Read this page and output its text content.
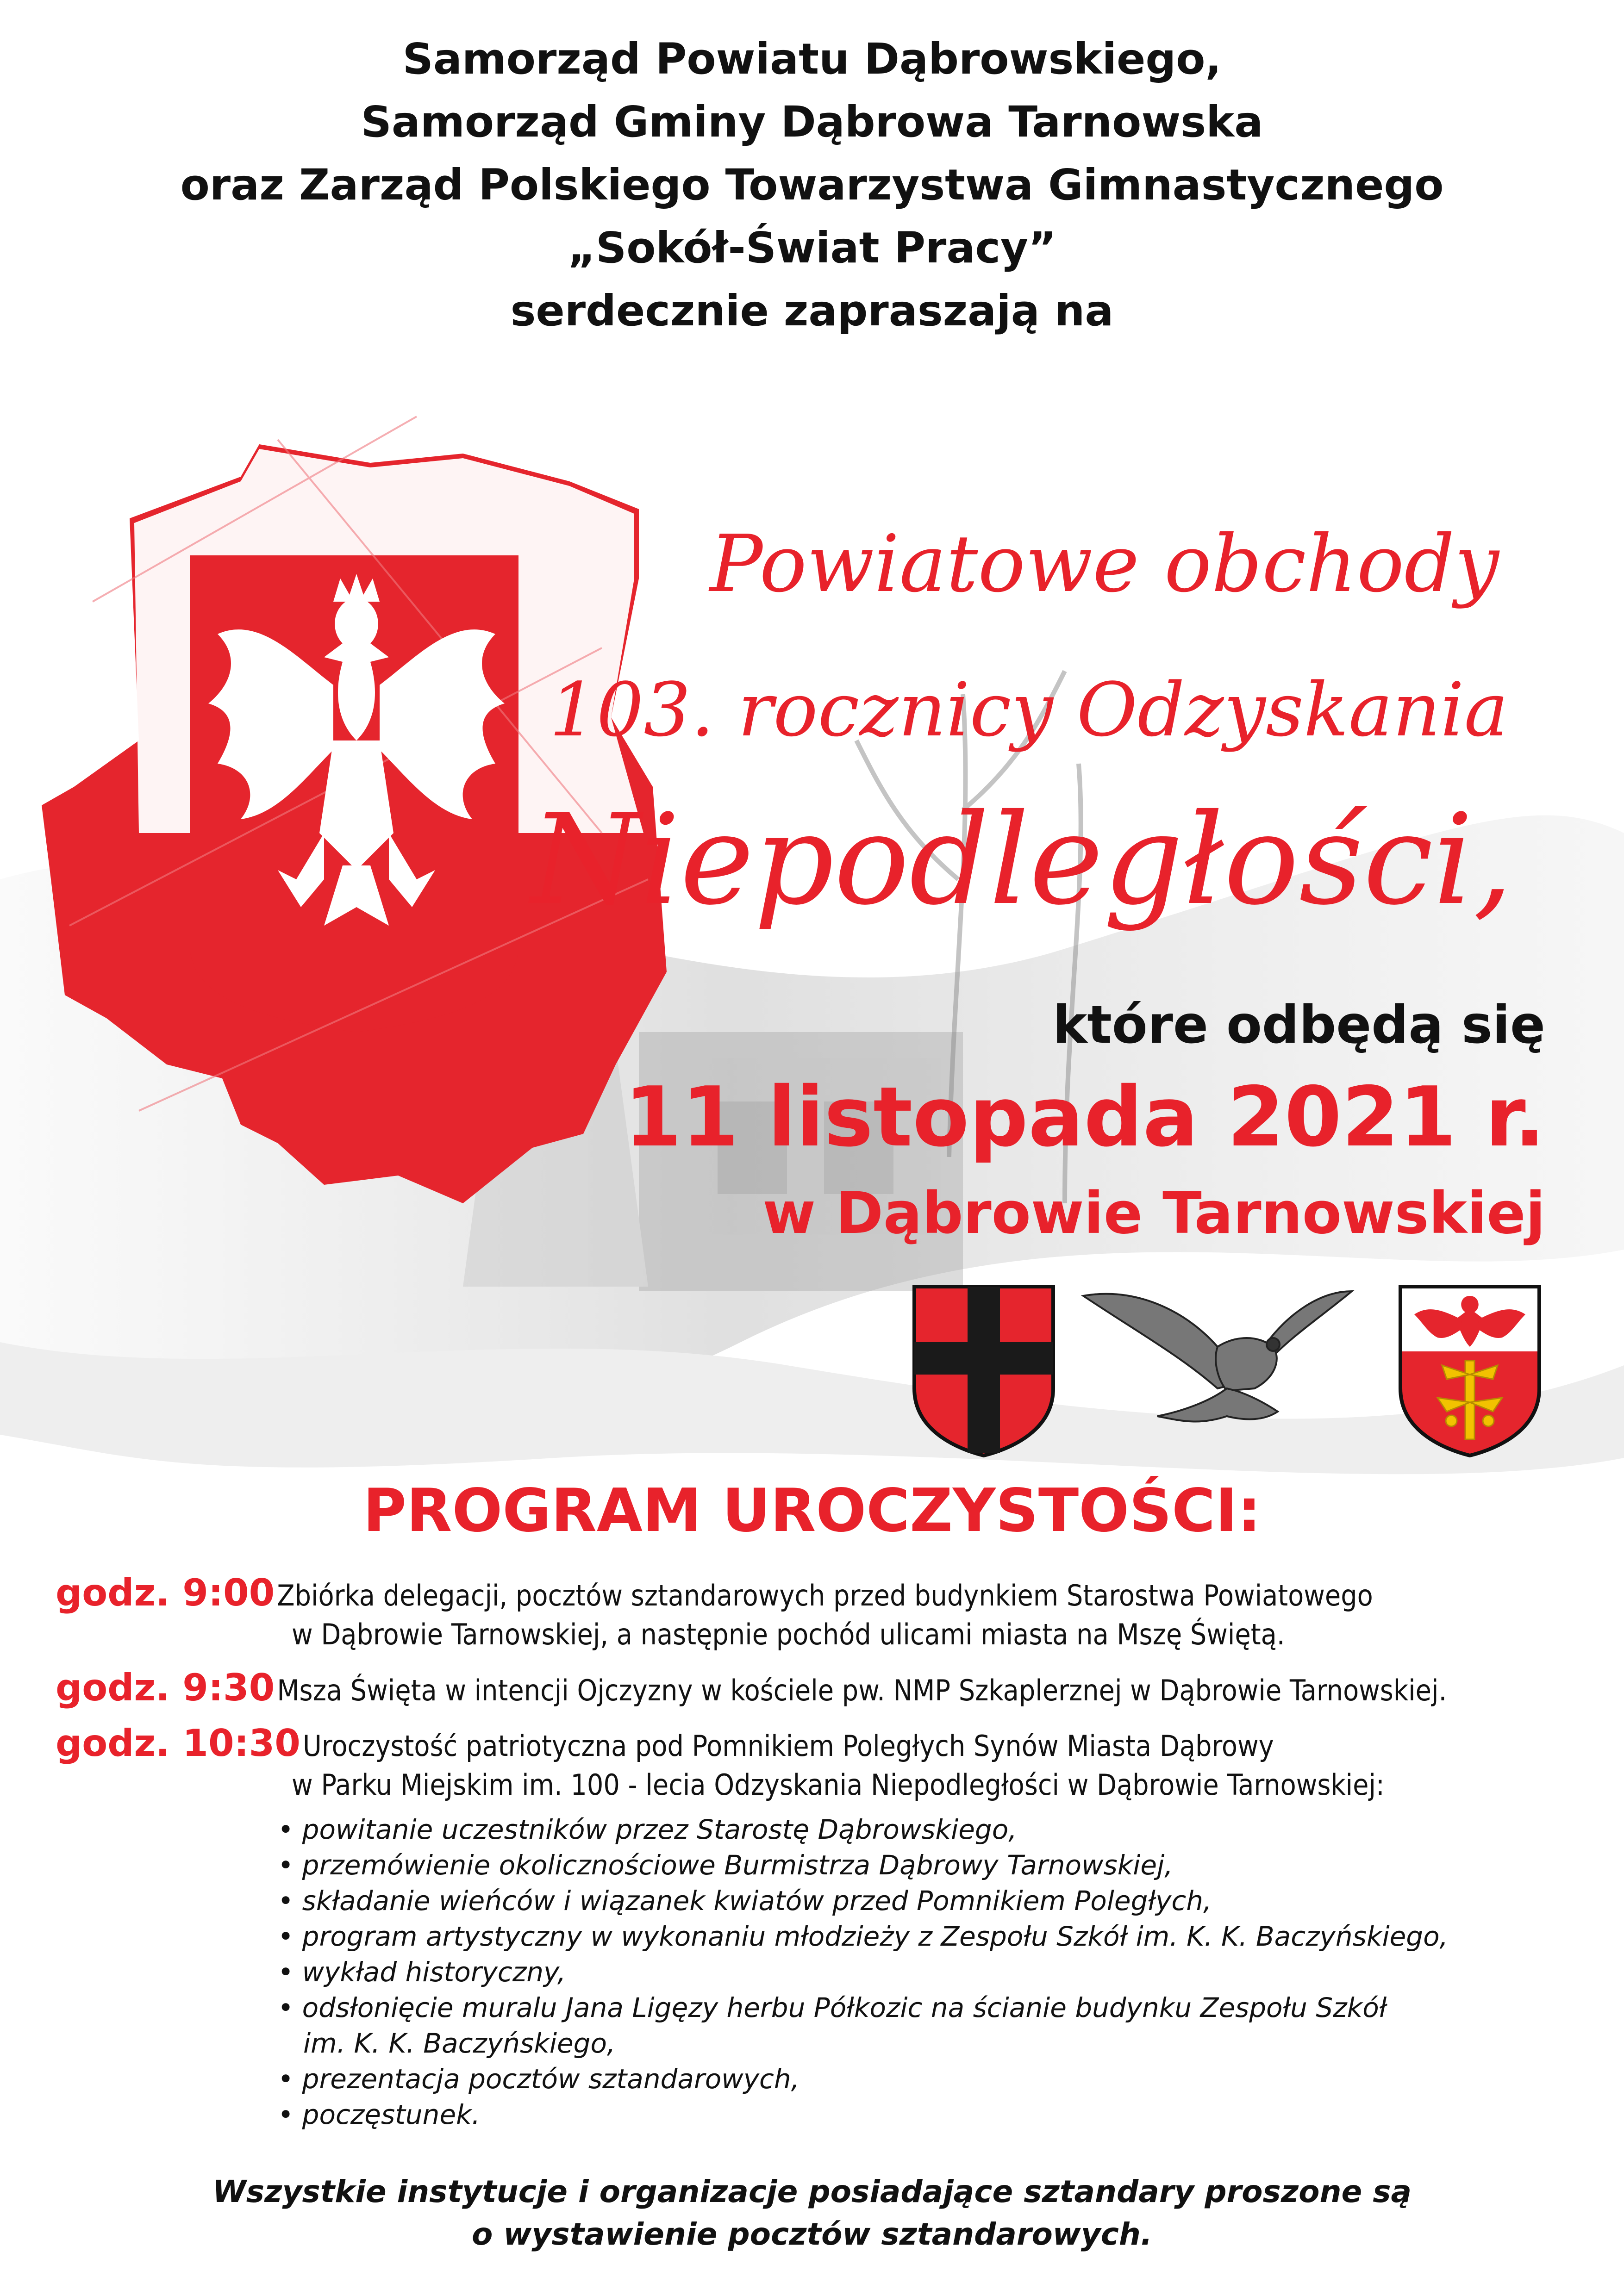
Samorząd Powiatu Dąbrowskiego,
Samorząd Gminy Dąbrowa Tarnowska
oraz Zarząd Polskiego Towarzystwa Gimnastycznego
„Sokół-Świat Pracy”
serdecznie zapraszają na
Powiatowe obchody
103. rocznicy Odzyskania
Niepodległości,
które odbędą się
11 listopada 2021 r.
w Dąbrowie Tarnowskiej
PROGRAM UROCZYSTOŚCI:
godz. 9:00 Zbiórka delegacji, pocztów sztandarowych przed budynkiem Starostwa Powiatowego
w Dąbrowie Tarnowskiej, a następnie pochód ulicami miasta na Mszę Świętą.
godz. 9:30 Msza Święta w intencji Ojczyzny w kościele pw. NMP Szkaplerznej w Dąbrowie Tarnowskiej.
godz. 10:30 Uroczystość patriotyczna pod Pomnikiem Poległych Synów Miasta Dąbrowy
w Parku Miejskim im. 100 - lecia Odzyskania Niepodległości w Dąbrowie Tarnowskiej:
• powitanie uczestników przez Starostę Dąbrowskiego,
• przemówienie okolicznościowe Burmistrza Dąbrowy Tarnowskiej,
• składanie wieńców i wiązanek kwiatów przed Pomnikiem Poległych,
• program artystyczny w wykonaniu młodzieży z Zespołu Szkół im. K. K. Baczyńskiego,
• wykład historyczny,
• odsłonięcie muralu Jana Ligęzy herbu Półkozic na ścianie budynku Zespołu Szkół
im. K. K. Baczyńskiego,
• prezentacja pocztów sztandarowych,
• poczęstunek.
Wszystkie instytucje i organizacje posiadające sztandary proszone są
o wystawienie pocztów sztandarowych.
